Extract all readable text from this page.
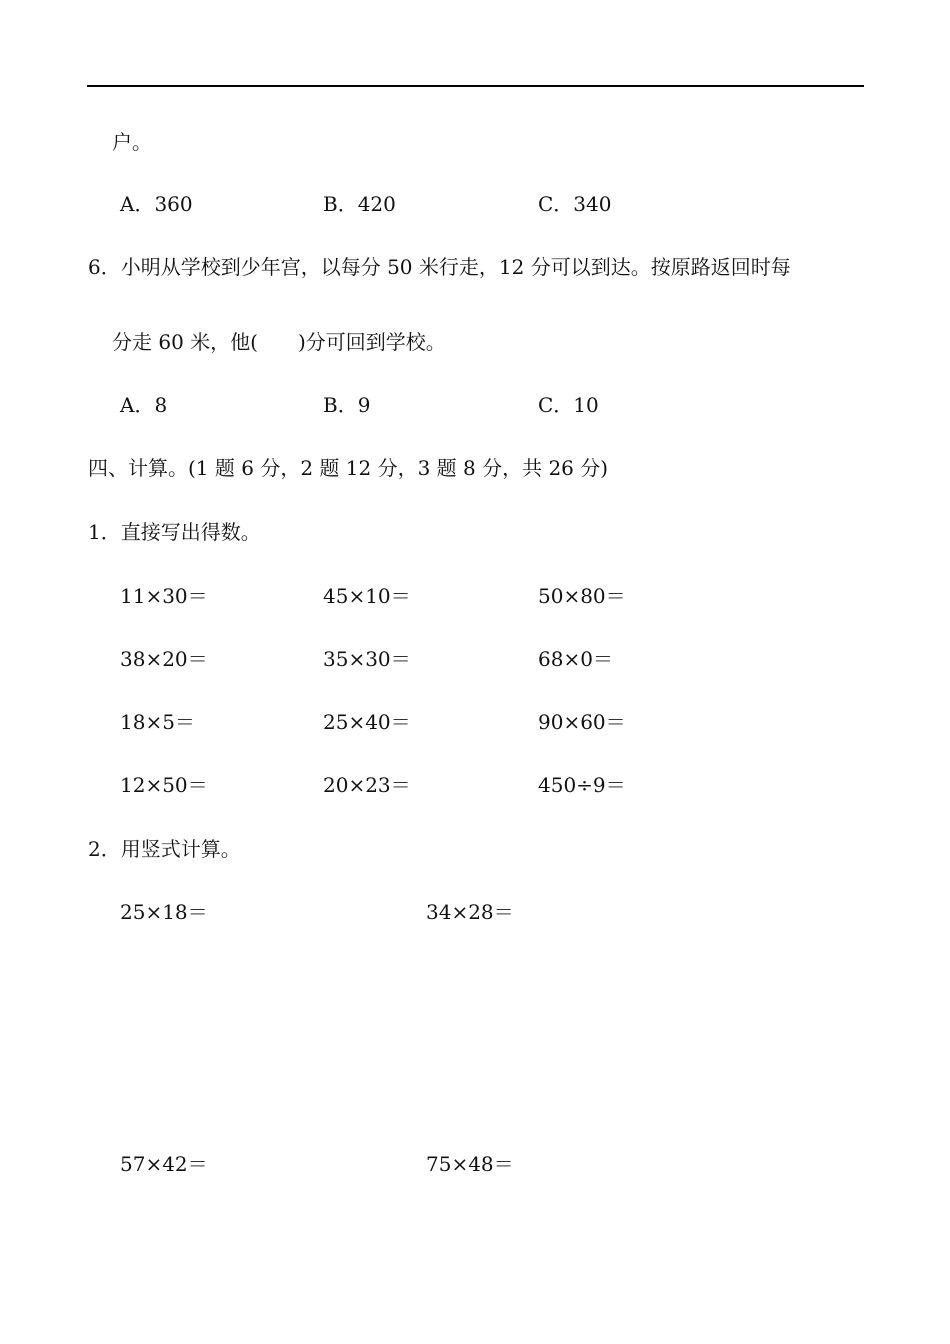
户。
A．360	B．420	C．340
6．小明从学校到少年宫，以每分 50 米行走，12 分可以到达。按原路返回时每
分走 60 米，他(　　)分可回到学校。
A．8	B．9	C．10
四、计算。(1 题 6 分，2 题 12 分，3 题 8 分，共 26 分)
1．直接写出得数。
11×30＝	45×10＝	50×80＝
38×20＝	35×30＝	68×0＝
18×5＝	25×40＝	90×60＝
12×50＝	20×23＝	450÷9＝
2．用竖式计算。
25×18＝	34×28＝
57×42＝	75×48＝
